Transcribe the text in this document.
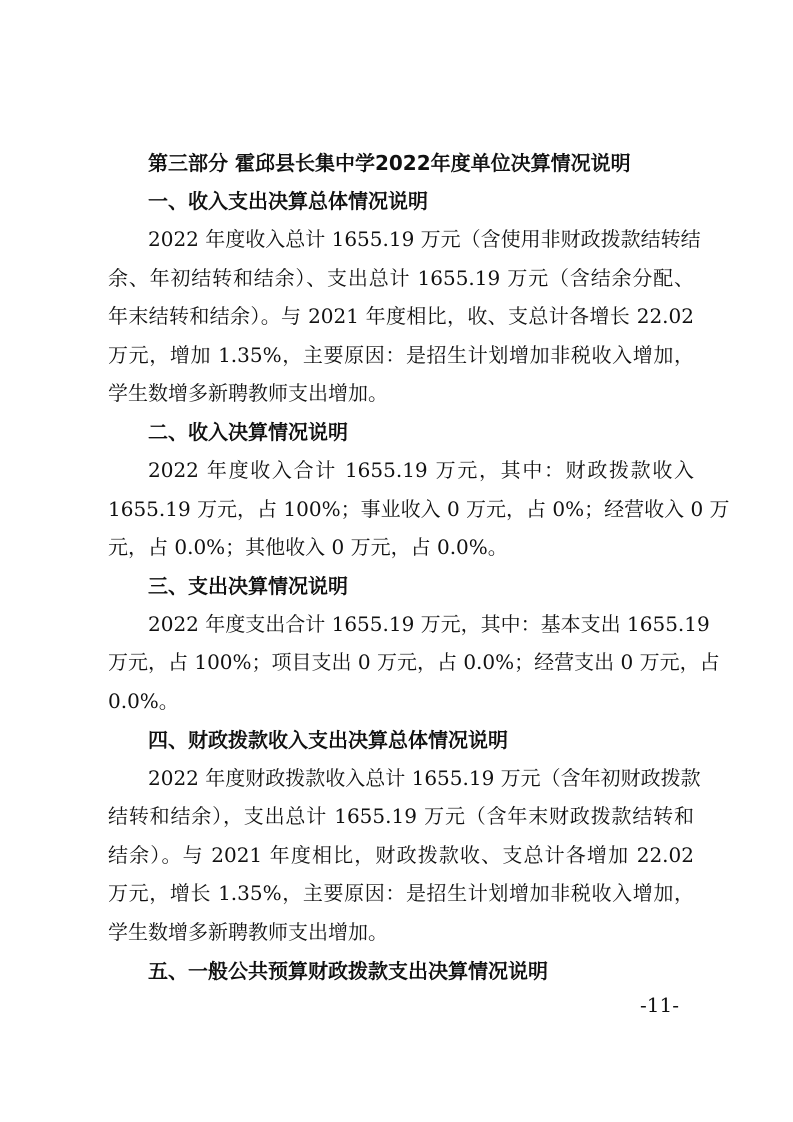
第三部分 霍邱县长集中学2022年度单位决算情况说明
一、收入支出决算总体情况说明

2022 年度收入总计 1655.19 万元（含使用非财政拨款结转结
余、年初结转和结余）、支出总计 1655.19 万元（含结余分配、
年末结转和结余）。与 2021 年度相比，收、支总计各增长 22.02
万元，增加 1.35%，主要原因：是招生计划增加非税收入增加，
学生数增多新聘教师支出增加。

二、收入决算情况说明

2022 年度收入合计 1655.19 万元，其中：财政拨款收入
1655.19 万元，占 100%；事业收入 0 万元，占 0%；经营收入 0 万
元，占 0.0%；其他收入 0 万元，占 0.0%。

三、支出决算情况说明

2022 年度支出合计 1655.19 万元，其中：基本支出 1655.19
万元，占 100%；项目支出 0 万元，占 0.0%；经营支出 0 万元，占
0.0%。

四、财政拨款收入支出决算总体情况说明

2022 年度财政拨款收入总计 1655.19 万元（含年初财政拨款
结转和结余），支出总计 1655.19 万元（含年末财政拨款结转和
结余）。与 2021 年度相比，财政拨款收、支总计各增加 22.02
万元，增长 1.35%，主要原因：是招生计划增加非税收入增加，
学生数增多新聘教师支出增加。

五、一般公共预算财政拨款支出决算情况说明
-11-
